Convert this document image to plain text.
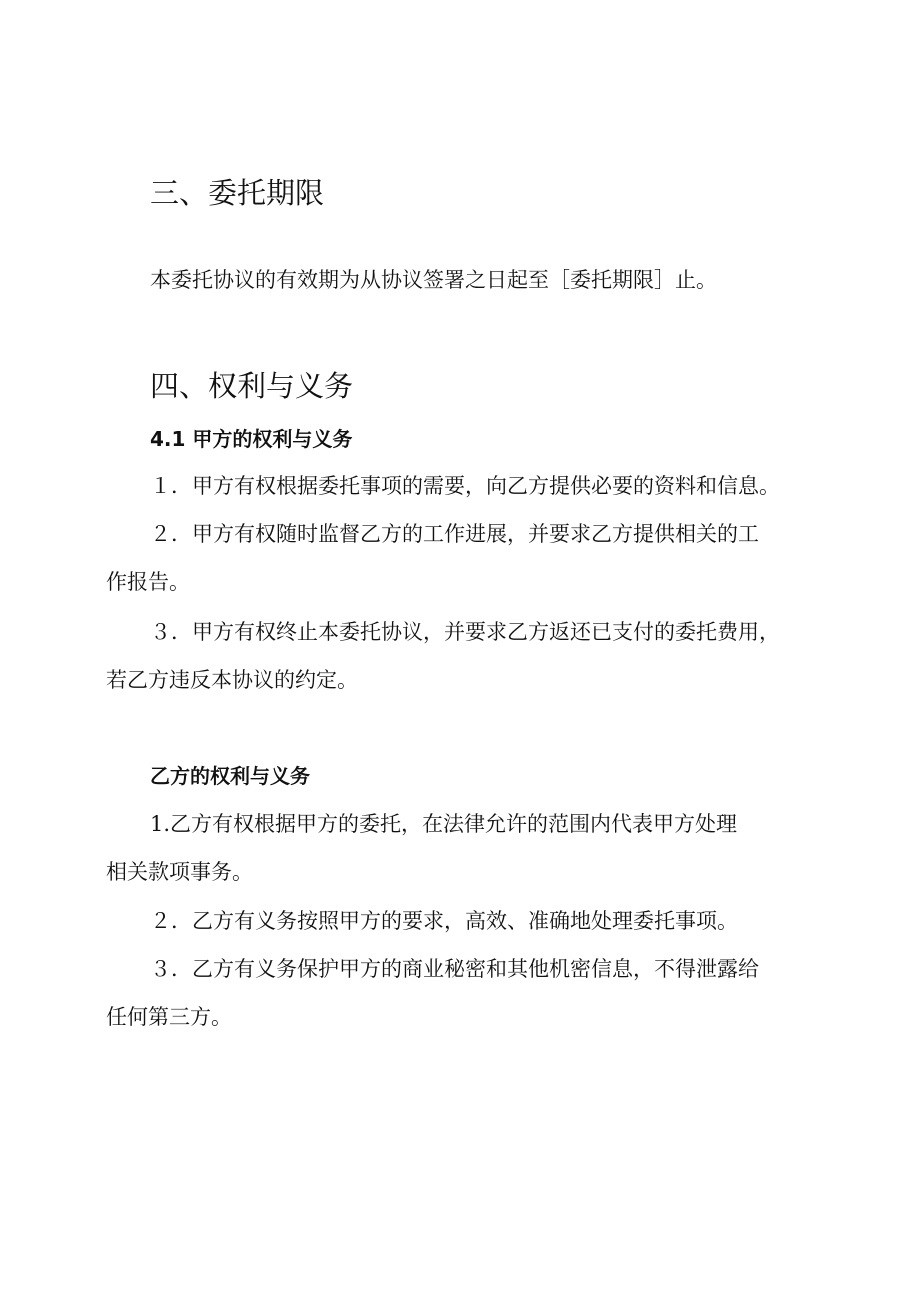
三、委托期限
本委托协议的有效期为从协议签署之日起至［委托期限］止。
四、权利与义务
4.1 甲方的权利与义务
１．甲方有权根据委托事项的需要，向乙方提供必要的资料和信息。
２．甲方有权随时监督乙方的工作进展，并要求乙方提供相关的工
作报告。
３．甲方有权终止本委托协议，并要求乙方返还已支付的委托费用，
若乙方违反本协议的约定。
乙方的权利与义务
1.乙方有权根据甲方的委托，在法律允许的范围内代表甲方处理
相关款项事务。
２．乙方有义务按照甲方的要求，高效、准确地处理委托事项。
３．乙方有义务保护甲方的商业秘密和其他机密信息，不得泄露给
任何第三方。
